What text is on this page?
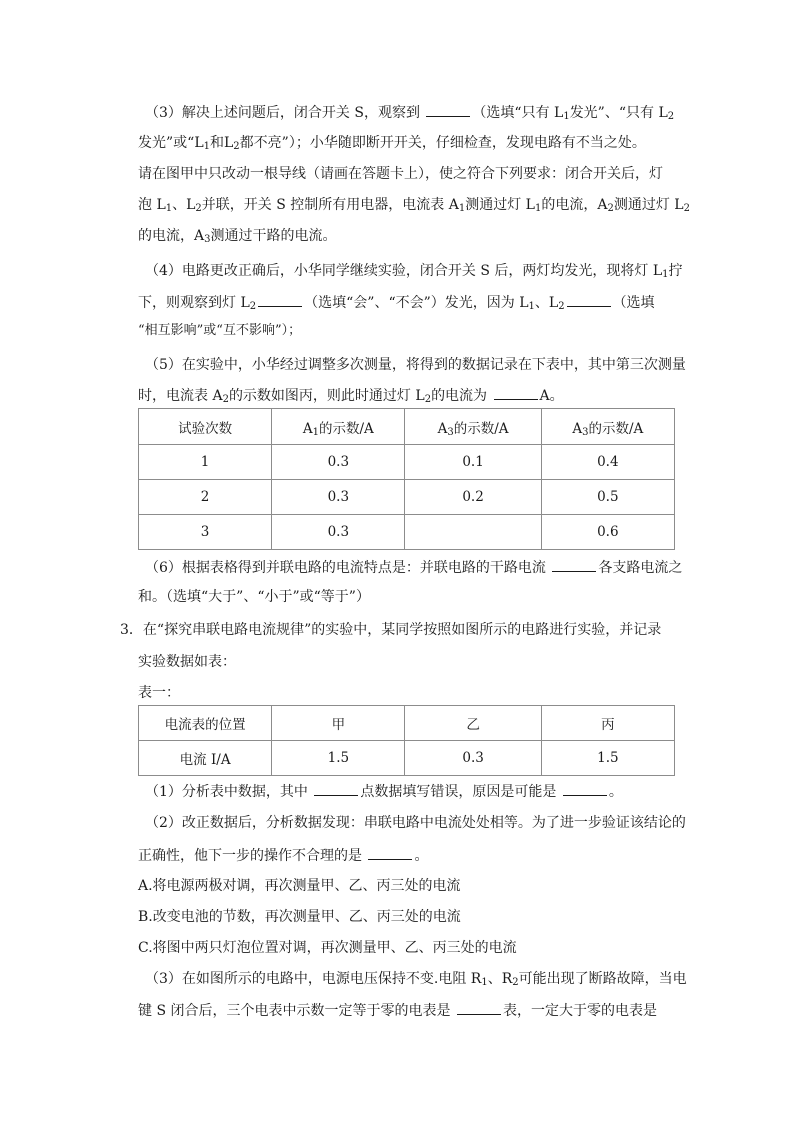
（3）解决上述问题后，闭合开关 S，观察到	（选填“只有 $L_1$发光”、“只有 $L_2$
发光”或“$L_1$和$L_2$都不亮”）；小华随即断开开关，仔细检查，发现电路有不当之处。
请在图甲中只改动一根导线（请画在答题卡上），使之符合下列要求：闭合开关后，灯
泡 $L_1$、$L_2$并联，开关 S 控制所有用电器，电流表 $A_1$测通过灯 $L_1$的电流，$A_2$测通过灯 $L_2$
的电流，$A_3$测通过干路的电流。
（4）电路更改正确后，小华同学继续实验，闭合开关 S 后，两灯均发光，现将灯 $L_1$拧
下，则观察到灯 $L_2$	（选填“会”、“不会”）发光，因为 $L_1$、$L_2$	（选填
“相互影响”或“互不影响”）；
（5）在实验中，小华经过调整多次测量，将得到的数据记录在下表中，其中第三次测量
时，电流表 $A_2$的示数如图丙，则此时通过灯 $L_2$的电流为	A。
试验次数	$A_1$的示数/A	$A_3$的示数/A	$A_3$的示数/A
1	0.3	0.1	0.4
2	0.3	0.2	0.5
3	0.3		0.6
（6）根据表格得到并联电路的电流特点是：并联电路的干路电流	各支路电流之
和。（选填“大于”、“小于”或“等于”）
3．在“探究串联电路电流规律”的实验中，某同学按照如图所示的电路进行实验，并记录
实验数据如表：
表一：
电流表的位置	甲	乙	丙
电流 I/A	1.5	0.3	1.5
（1）分析表中数据，其中	点数据填写错误，原因是可能是	。
（2）改正数据后，分析数据发现：串联电路中电流处处相等。为了进一步验证该结论的
正确性，他下一步的操作不合理的是	。
A.将电源两极对调，再次测量甲、乙、丙三处的电流
B.改变电池的节数，再次测量甲、乙、丙三处的电流
C.将图中两只灯泡位置对调，再次测量甲、乙、丙三处的电流
（3）在如图所示的电路中，电源电压保持不变.电阻 $R_1$、$R_2$可能出现了断路故障，当电
键 S 闭合后，三个电表中示数一定等于零的电表是	表，一定大于零的电表是
